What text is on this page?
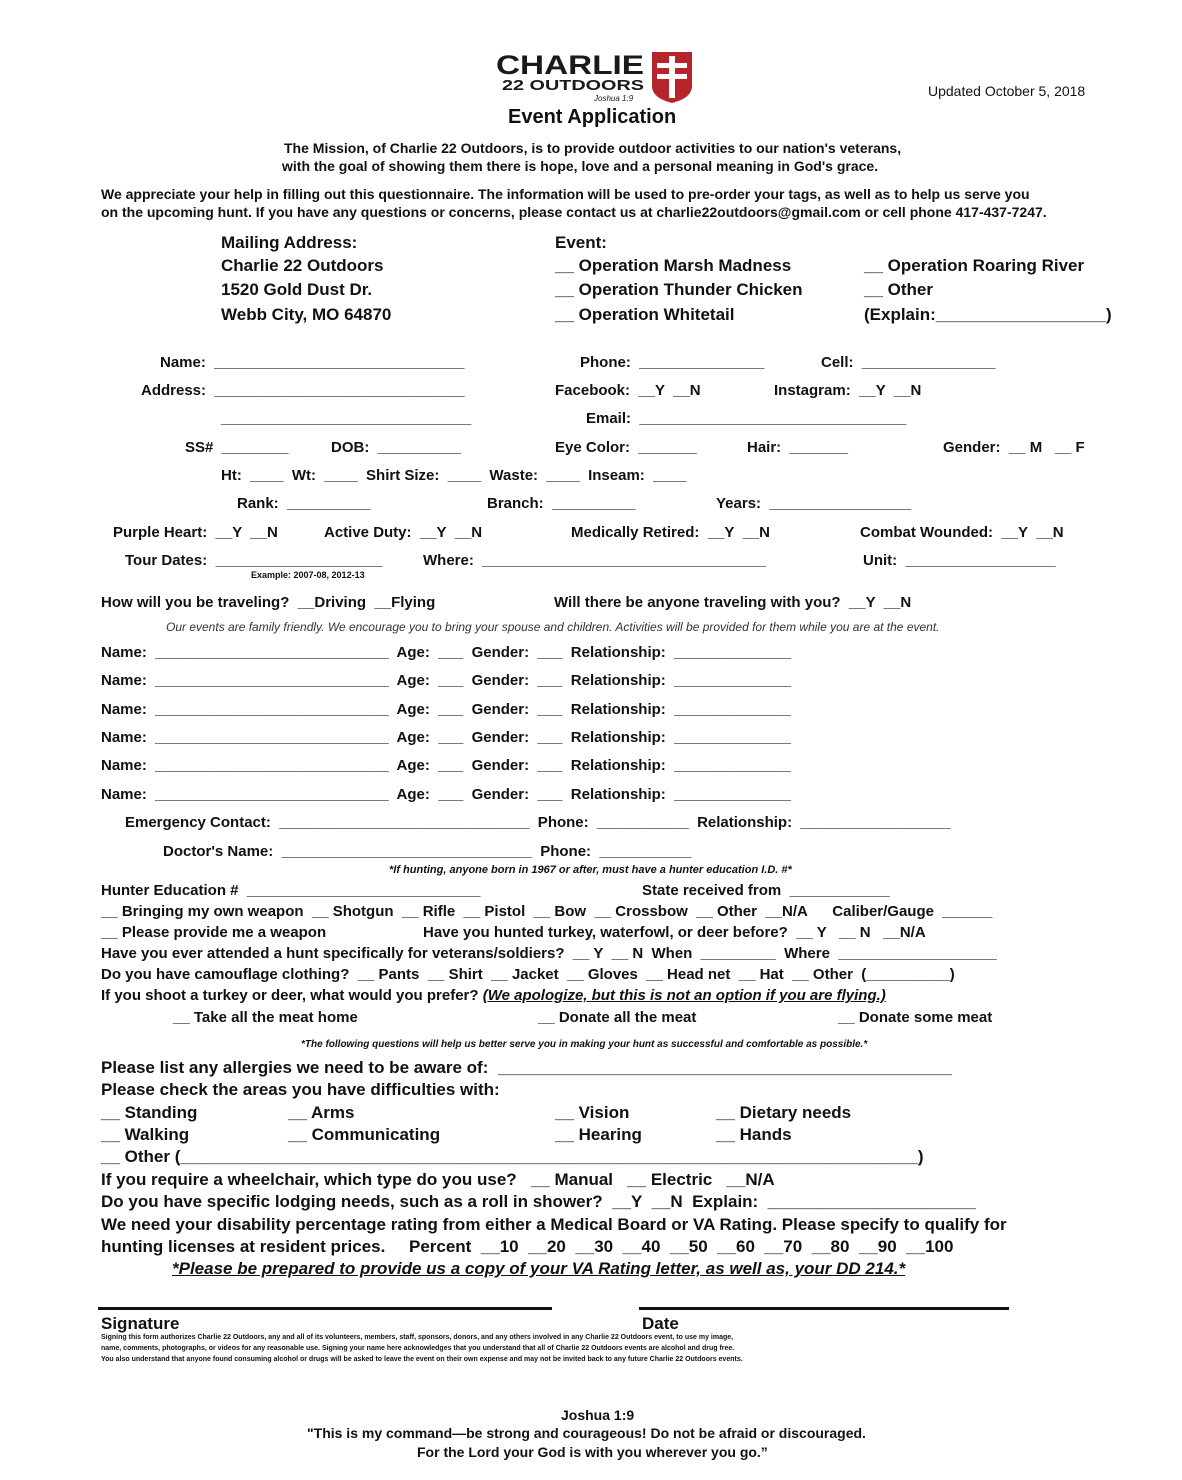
CHARLIE
22 OUTDOORS
Joshua 1:9	Updated October 5, 2018
Event Application
The Mission, of Charlie 22 Outdoors, is to provide outdoor activities to our nation's veterans,
with the goal of showing them there is hope, love and a personal meaning in God's grace.
We appreciate your help in filling out this questionnaire. The information will be used to pre-order your tags, as well as to help us serve you
on the upcoming hunt. If you have any questions or concerns, please contact us at charlie22outdoors@gmail.com or cell phone 417-437-7247.
Mailing Address:
Charlie 22 Outdoors
1520 Gold Dust Dr.
Webb City, MO 64870
Event:
__ Operation Marsh Madness
__ Operation Thunder Chicken
__ Operation Whitetail
__ Operation Roaring River
__ Other
(Explain:__________________)
Name:  ______________________________	Phone:  _______________	Cell:  ________________
Address:  ______________________________	Facebook:  __Y  __N	Instagram:  __Y  __N
______________________________	Email:  ________________________________
SS#  ________	DOB:  __________	Eye Color:  _______	Hair:  _______	Gender:  __ M   __ F
Ht:  ____  Wt:  ____  Shirt Size:  ____  Waste:  ____  Inseam:  ____
Rank:  __________	Branch:  __________	Years:  _________________
Purple Heart:  __Y  __N	Active Duty:  __Y  __N	Medically Retired:  __Y  __N	Combat Wounded:  __Y  __N
Tour Dates:  ____________________	Where:  __________________________________	Unit:  __________________
Example: 2007-08, 2012-13
How will you be traveling?  __Driving  __Flying	Will there be anyone traveling with you?  __Y  __N
Our events are family friendly. We encourage you to bring your spouse and children. Activities will be provided for them while you are at the event.
Name:  ____________________________  Age:  ___  Gender:  ___  Relationship:  ______________
Name:  ____________________________  Age:  ___  Gender:  ___  Relationship:  ______________
Name:  ____________________________  Age:  ___  Gender:  ___  Relationship:  ______________
Name:  ____________________________  Age:  ___  Gender:  ___  Relationship:  ______________
Name:  ____________________________  Age:  ___  Gender:  ___  Relationship:  ______________
Name:  ____________________________  Age:  ___  Gender:  ___  Relationship:  ______________
Emergency Contact:  ______________________________  Phone:  ___________  Relationship:  __________________
Doctor's Name:  ______________________________  Phone:  ___________
*If hunting, anyone born in 1967 or after, must have a hunter education I.D. #*
Hunter Education #  ____________________________	State received from  ____________
__ Bringing my own weapon  __ Shotgun  __ Rifle  __ Pistol  __ Bow  __ Crossbow  __ Other  __N/A      Caliber/Gauge  ______
__ Please provide me a weapon	Have you hunted turkey, waterfowl, or deer before?  __ Y   __ N   __N/A
Have you ever attended a hunt specifically for veterans/soldiers?  __ Y  __ N  When  _________  Where  ___________________
Do you have camouflage clothing?  __ Pants  __ Shirt  __ Jacket  __ Gloves  __ Head net  __ Hat  __ Other  (__________)
If you shoot a turkey or deer, what would you prefer? (We apologize, but this is not an option if you are flying.)
__ Take all the meat home	__ Donate all the meat	__ Donate some meat
*The following questions will help us better serve you in making your hunt as successful and comfortable as possible.*
Please list any allergies we need to be aware of:  ________________________________________________
Please check the areas you have difficulties with:
__ Standing	__ Arms	__ Vision	__ Dietary needs
__ Walking	__ Communicating	__ Hearing	__ Hands
__ Other (______________________________________________________________________________)
If you require a wheelchair, which type do you use?   __ Manual   __ Electric   __N/A
Do you have specific lodging needs, such as a roll in shower?  __Y  __N  Explain:  ______________________
We need your disability percentage rating from either a Medical Board or VA Rating. Please specify to qualify for
hunting licenses at resident prices.     Percent  __10  __20  __30  __40  __50  __60  __70  __80  __90  __100
*Please be prepared to provide us a copy of your VA Rating letter, as well as, your DD 214.*
Signature	Date
Signing this form authorizes Charlie 22 Outdoors, any and all of its volunteers, members, staff, sponsors, donors, and any others involved in any Charlie 22 Outdoors event, to use my image,
name, comments, photographs, or videos for any reasonable use. Signing your name here acknowledges that you understand that all of Charlie 22 Outdoors events are alcohol and drug free.
You also understand that anyone found consuming alcohol or drugs will be asked to leave the event on their own expense and may not be invited back to any future Charlie 22 Outdoors events.
Joshua 1:9
"This is my command—be strong and courageous! Do not be afraid or discouraged.
For the Lord your God is with you wherever you go.”
